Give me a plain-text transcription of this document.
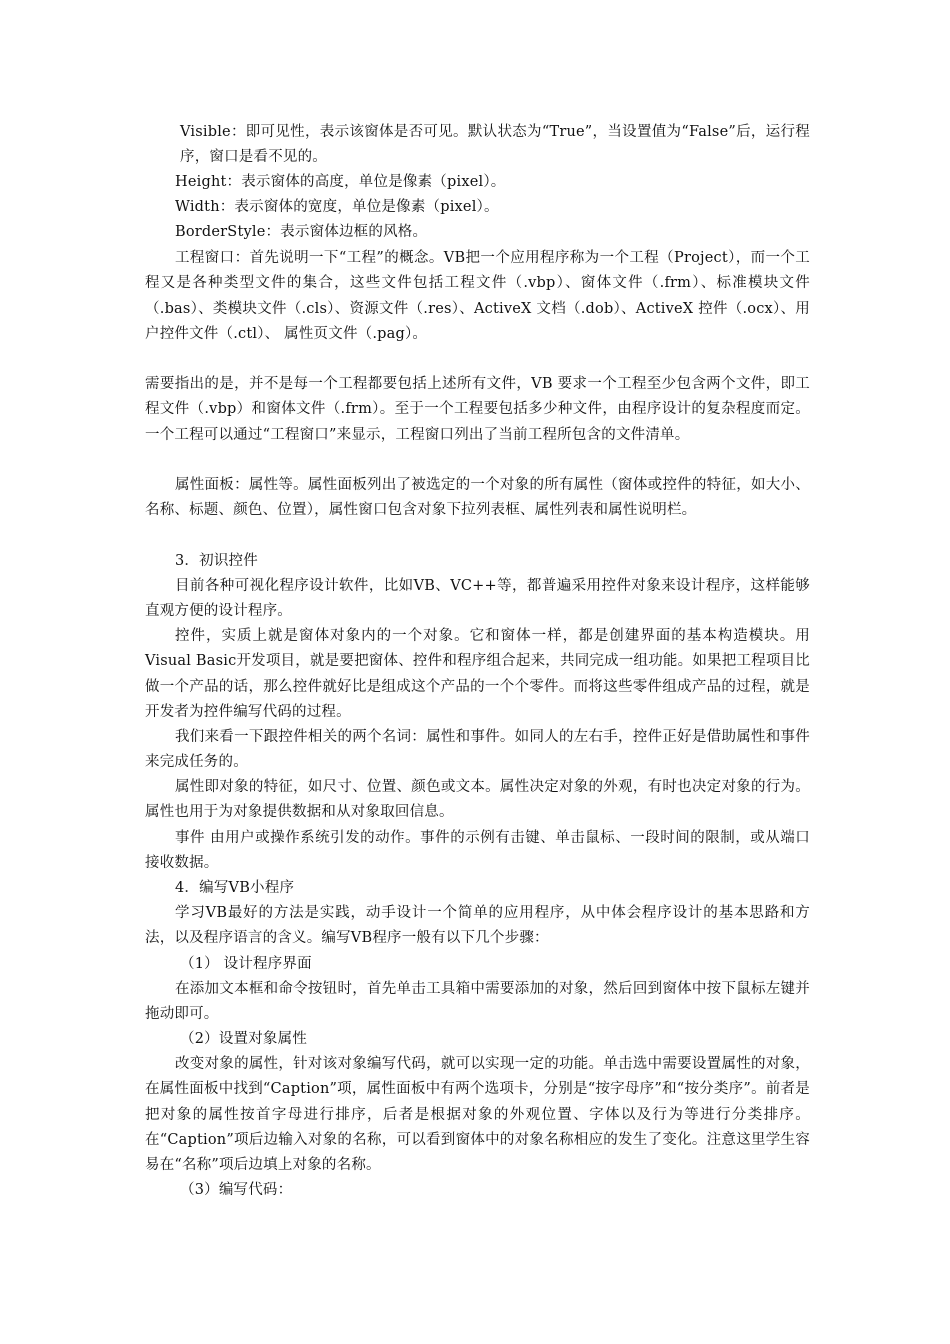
Visible：即可见性，表示该窗体是否可见。默认状态为“True”，当设置值为“False”后，运行程序，窗口是看不见的。

Height：表示窗体的高度，单位是像素（pixel）。

Width：表示窗体的宽度，单位是像素（pixel）。

BorderStyle：表示窗体边框的风格。

工程窗口：首先说明一下“工程”的概念。VB把一个应用程序称为一个工程（Project），而一个工程又是各种类型文件的集合，这些文件包括工程文件（.vbp）、窗体文件（.frm）、标准模块文件（.bas）、类模块文件（.cls）、资源文件（.res）、ActiveX 文档（.dob）、ActiveX 控件（.ocx）、用户控件文件（.ctl）、 属性页文件（.pag）。

需要指出的是，并不是每一个工程都要包括上述所有文件，VB 要求一个工程至少包含两个文件，即工程文件（.vbp）和窗体文件（.frm）。至于一个工程要包括多少种文件，由程序设计的复杂程度而定。一个工程可以通过“工程窗口”来显示，工程窗口列出了当前工程所包含的文件清单。

属性面板：属性等。属性面板列出了被选定的一个对象的所有属性（窗体或控件的特征，如大小、名称、标题、颜色、位置），属性窗口包含对象下拉列表框、属性列表和属性说明栏。

3．初识控件

目前各种可视化程序设计软件，比如VB、VC++等，都普遍采用控件对象来设计程序，这样能够直观方便的设计程序。

控件，实质上就是窗体对象内的一个对象。它和窗体一样，都是创建界面的基本构造模块。用Visual Basic开发项目，就是要把窗体、控件和程序组合起来，共同完成一组功能。如果把工程项目比做一个产品的话，那么控件就好比是组成这个产品的一个个零件。而将这些零件组成产品的过程，就是开发者为控件编写代码的过程。

我们来看一下跟控件相关的两个名词：属性和事件。如同人的左右手，控件正好是借助属性和事件来完成任务的。

属性即对象的特征，如尺寸、位置、颜色或文本。属性决定对象的外观，有时也决定对象的行为。属性也用于为对象提供数据和从对象取回信息。

事件 由用户或操作系统引发的动作。事件的示例有击键、单击鼠标、一段时间的限制，或从端口接收数据。

4．编写VB小程序

学习VB最好的方法是实践，动手设计一个简单的应用程序，从中体会程序设计的基本思路和方法，以及程序语言的含义。编写VB程序一般有以下几个步骤：

（1） 设计程序界面

在添加文本框和命令按钮时，首先单击工具箱中需要添加的对象，然后回到窗体中按下鼠标左键并拖动即可。

（2）设置对象属性

改变对象的属性，针对该对象编写代码，就可以实现一定的功能。单击选中需要设置属性的对象，在属性面板中找到“Caption”项，属性面板中有两个选项卡，分别是“按字母序”和“按分类序”。前者是把对象的属性按首字母进行排序，后者是根据对象的外观位置、字体以及行为等进行分类排序。在“Caption”项后边输入对象的名称，可以看到窗体中的对象名称相应的发生了变化。注意这里学生容易在“名称”项后边填上对象的名称。

（3）编写代码：
